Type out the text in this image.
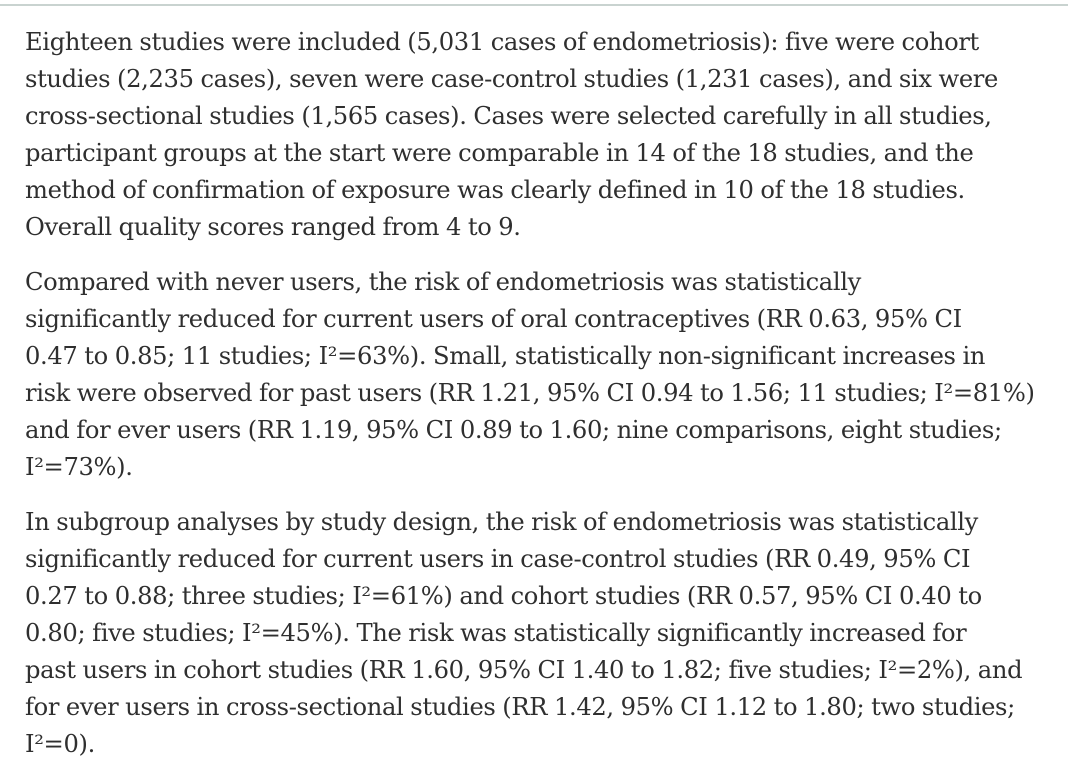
Eighteen studies were included (5,031 cases of endometriosis): five were cohort
studies (2,235 cases), seven were case-control studies (1,231 cases), and six were
cross-sectional studies (1,565 cases). Cases were selected carefully in all studies,
participant groups at the start were comparable in 14 of the 18 studies, and the
method of confirmation of exposure was clearly defined in 10 of the 18 studies.
Overall quality scores ranged from 4 to 9.

Compared with never users, the risk of endometriosis was statistically
significantly reduced for current users of oral contraceptives (RR 0.63, 95% CI
0.47 to 0.85; 11 studies; I²=63%). Small, statistically non-significant increases in
risk were observed for past users (RR 1.21, 95% CI 0.94 to 1.56; 11 studies; I²=81%)
and for ever users (RR 1.19, 95% CI 0.89 to 1.60; nine comparisons, eight studies;
I²=73%).

In subgroup analyses by study design, the risk of endometriosis was statistically
significantly reduced for current users in case-control studies (RR 0.49, 95% CI
0.27 to 0.88; three studies; I²=61%) and cohort studies (RR 0.57, 95% CI 0.40 to
0.80; five studies; I²=45%). The risk was statistically significantly increased for
past users in cohort studies (RR 1.60, 95% CI 1.40 to 1.82; five studies; I²=2%), and
for ever users in cross-sectional studies (RR 1.42, 95% CI 1.12 to 1.80; two studies;
I²=0).
